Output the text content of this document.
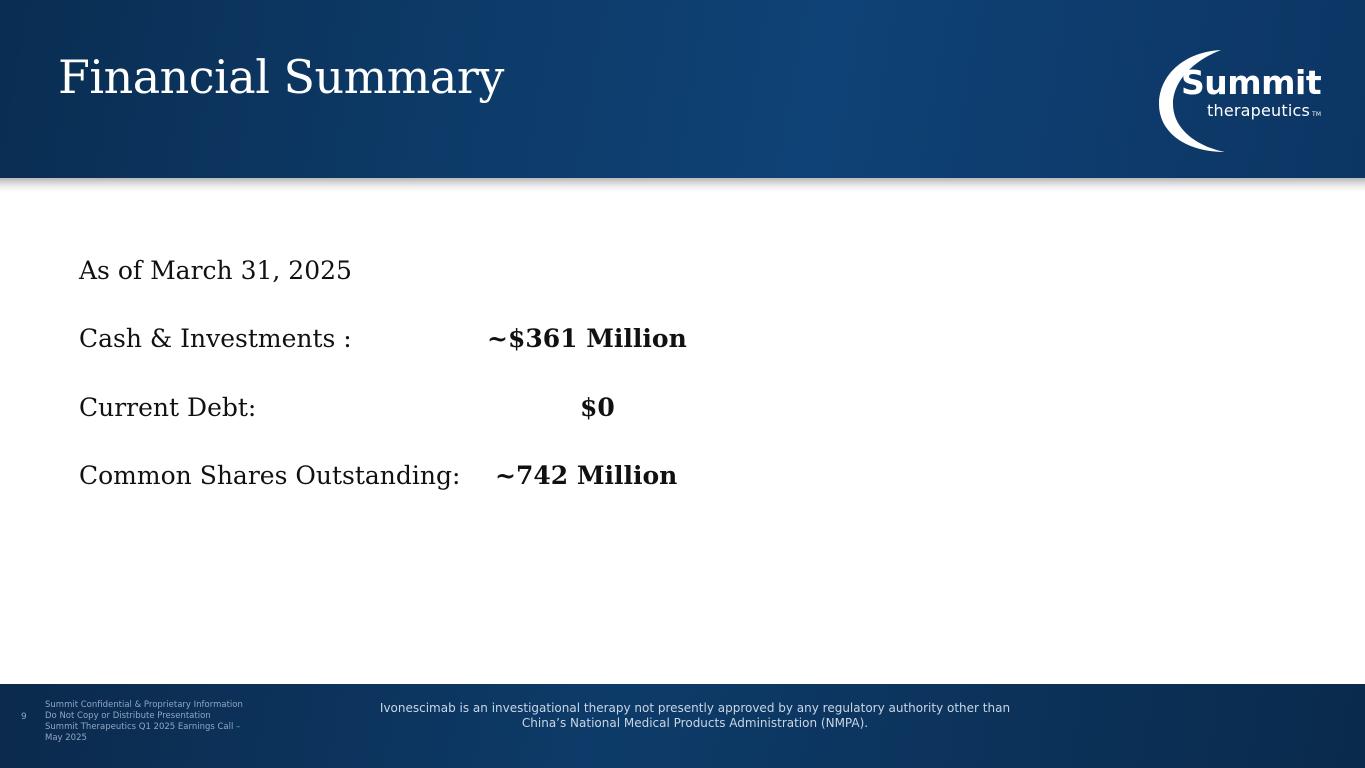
Financial Summary	Summit
therapeutics TM

As of March 31, 2025

Cash & Investments :	~$361 Million

Current Debt:	$0

Common Shares Outstanding: ~742 Million

9
Summit Confidential & Proprietary Information
Do Not Copy or Distribute Presentation
Summit Therapeutics Q1 2025 Earnings Call –
May 2025
Ivonescimab is an investigational therapy not presently approved by any regulatory authority other than
China’s National Medical Products Administration (NMPA).
